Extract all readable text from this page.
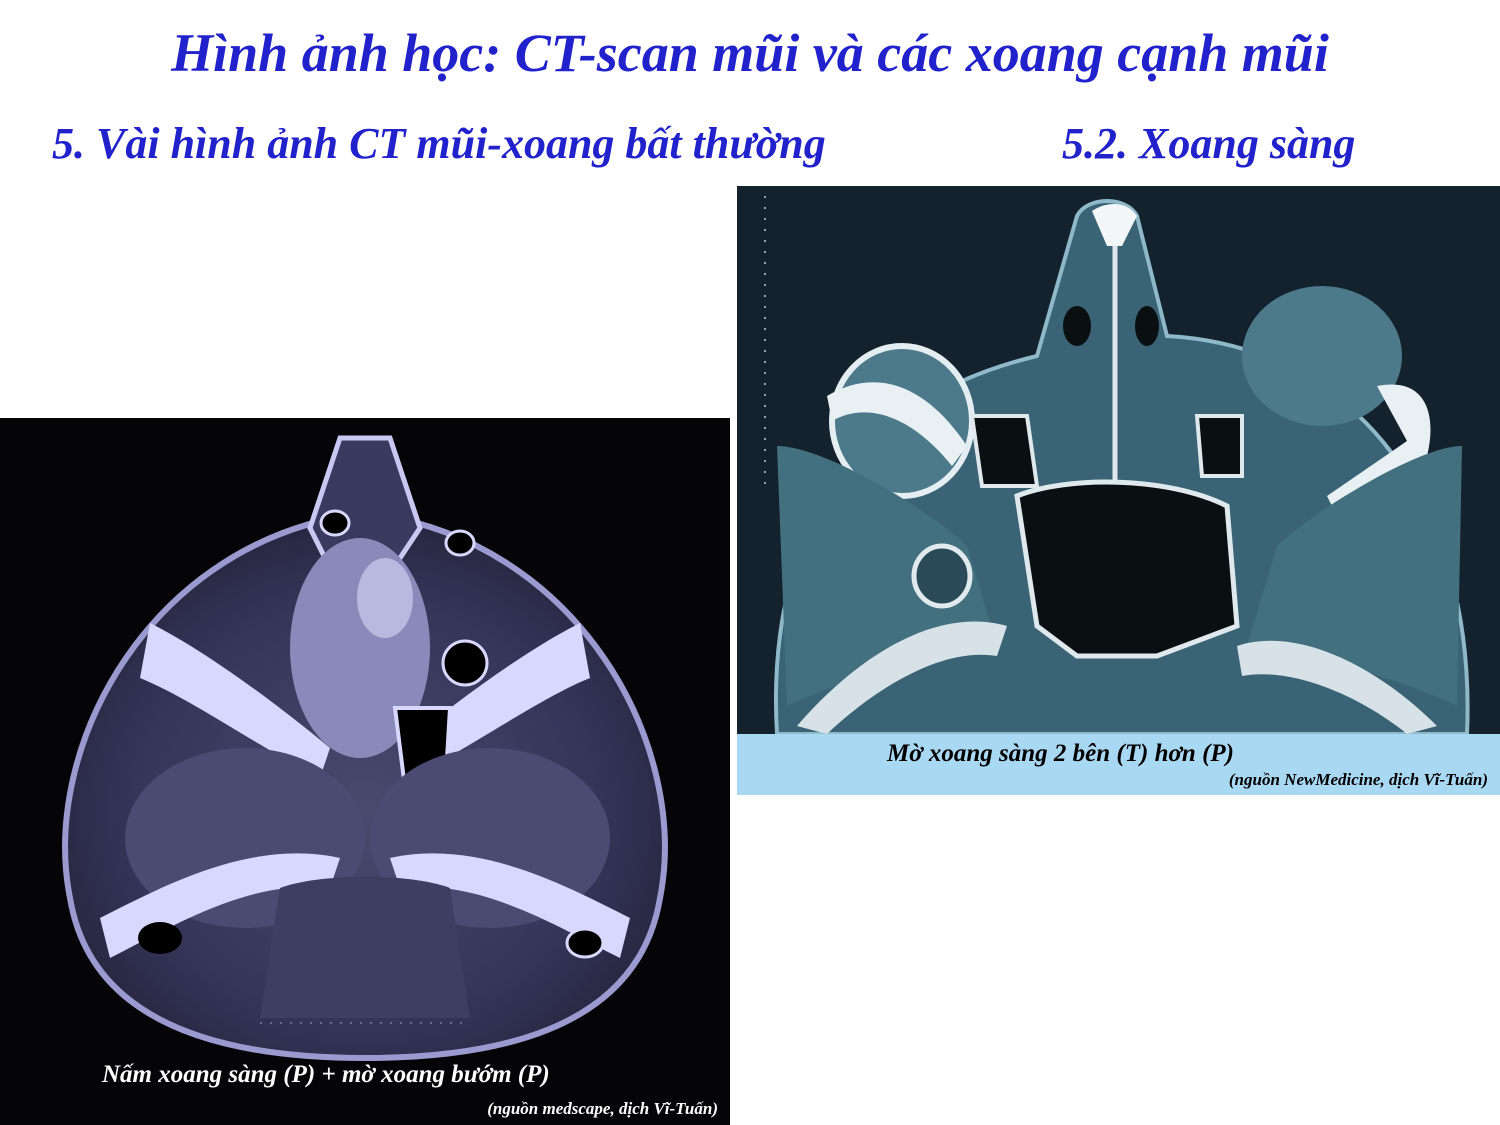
Hình ảnh học: CT-scan mũi và các xoang cạnh mũi
5. Vài hình ảnh CT mũi-xoang bất thường	5.2. Xoang sàng
Nấm xoang sàng (P) + mờ xoang bướm (P)
(nguồn medscape, dịch Vĩ-Tuấn)
Mờ xoang sàng 2 bên (T) hơn (P)
(nguồn NewMedicine, dịch Vĩ-Tuấn)
